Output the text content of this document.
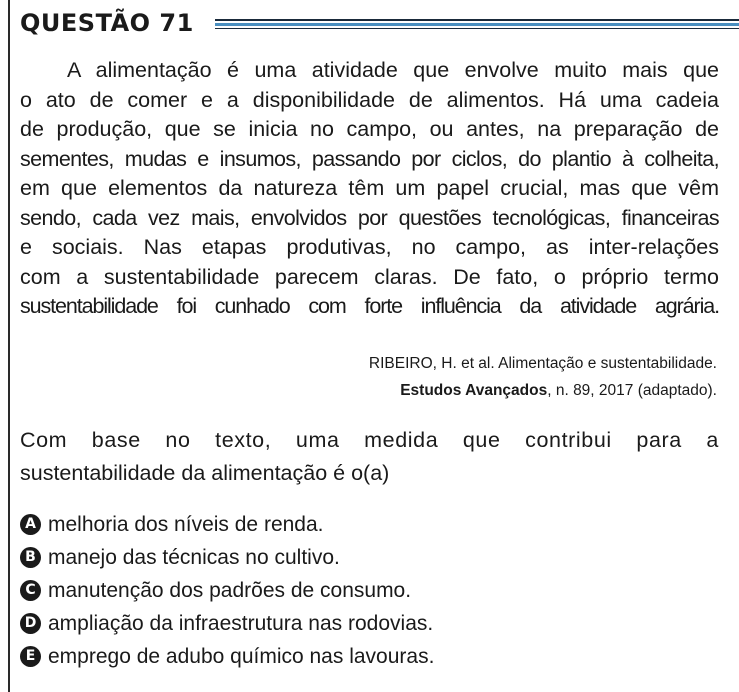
QUESTÃO 71
A alimentação é uma atividade que envolve muito mais que
o ato de comer e a disponibilidade de alimentos. Há uma cadeia
de produção, que se inicia no campo, ou antes, na preparação de
sementes, mudas e insumos, passando por ciclos, do plantio à colheita,
em que elementos da natureza têm um papel crucial, mas que vêm
sendo, cada vez mais, envolvidos por questões tecnológicas, financeiras
e sociais. Nas etapas produtivas, no campo, as inter-relações
com a sustentabilidade parecem claras. De fato, o próprio termo
sustentabilidade foi cunhado com forte influência da atividade agrária.
RIBEIRO, H. et al. Alimentação e sustentabilidade.
Estudos Avançados, n. 89, 2017 (adaptado).
Com base no texto, uma medida que contribui para a
sustentabilidade da alimentação é o(a)
A melhoria dos níveis de renda.
B manejo das técnicas no cultivo.
C manutenção dos padrões de consumo.
D ampliação da infraestrutura nas rodovias.
E emprego de adubo químico nas lavouras.
